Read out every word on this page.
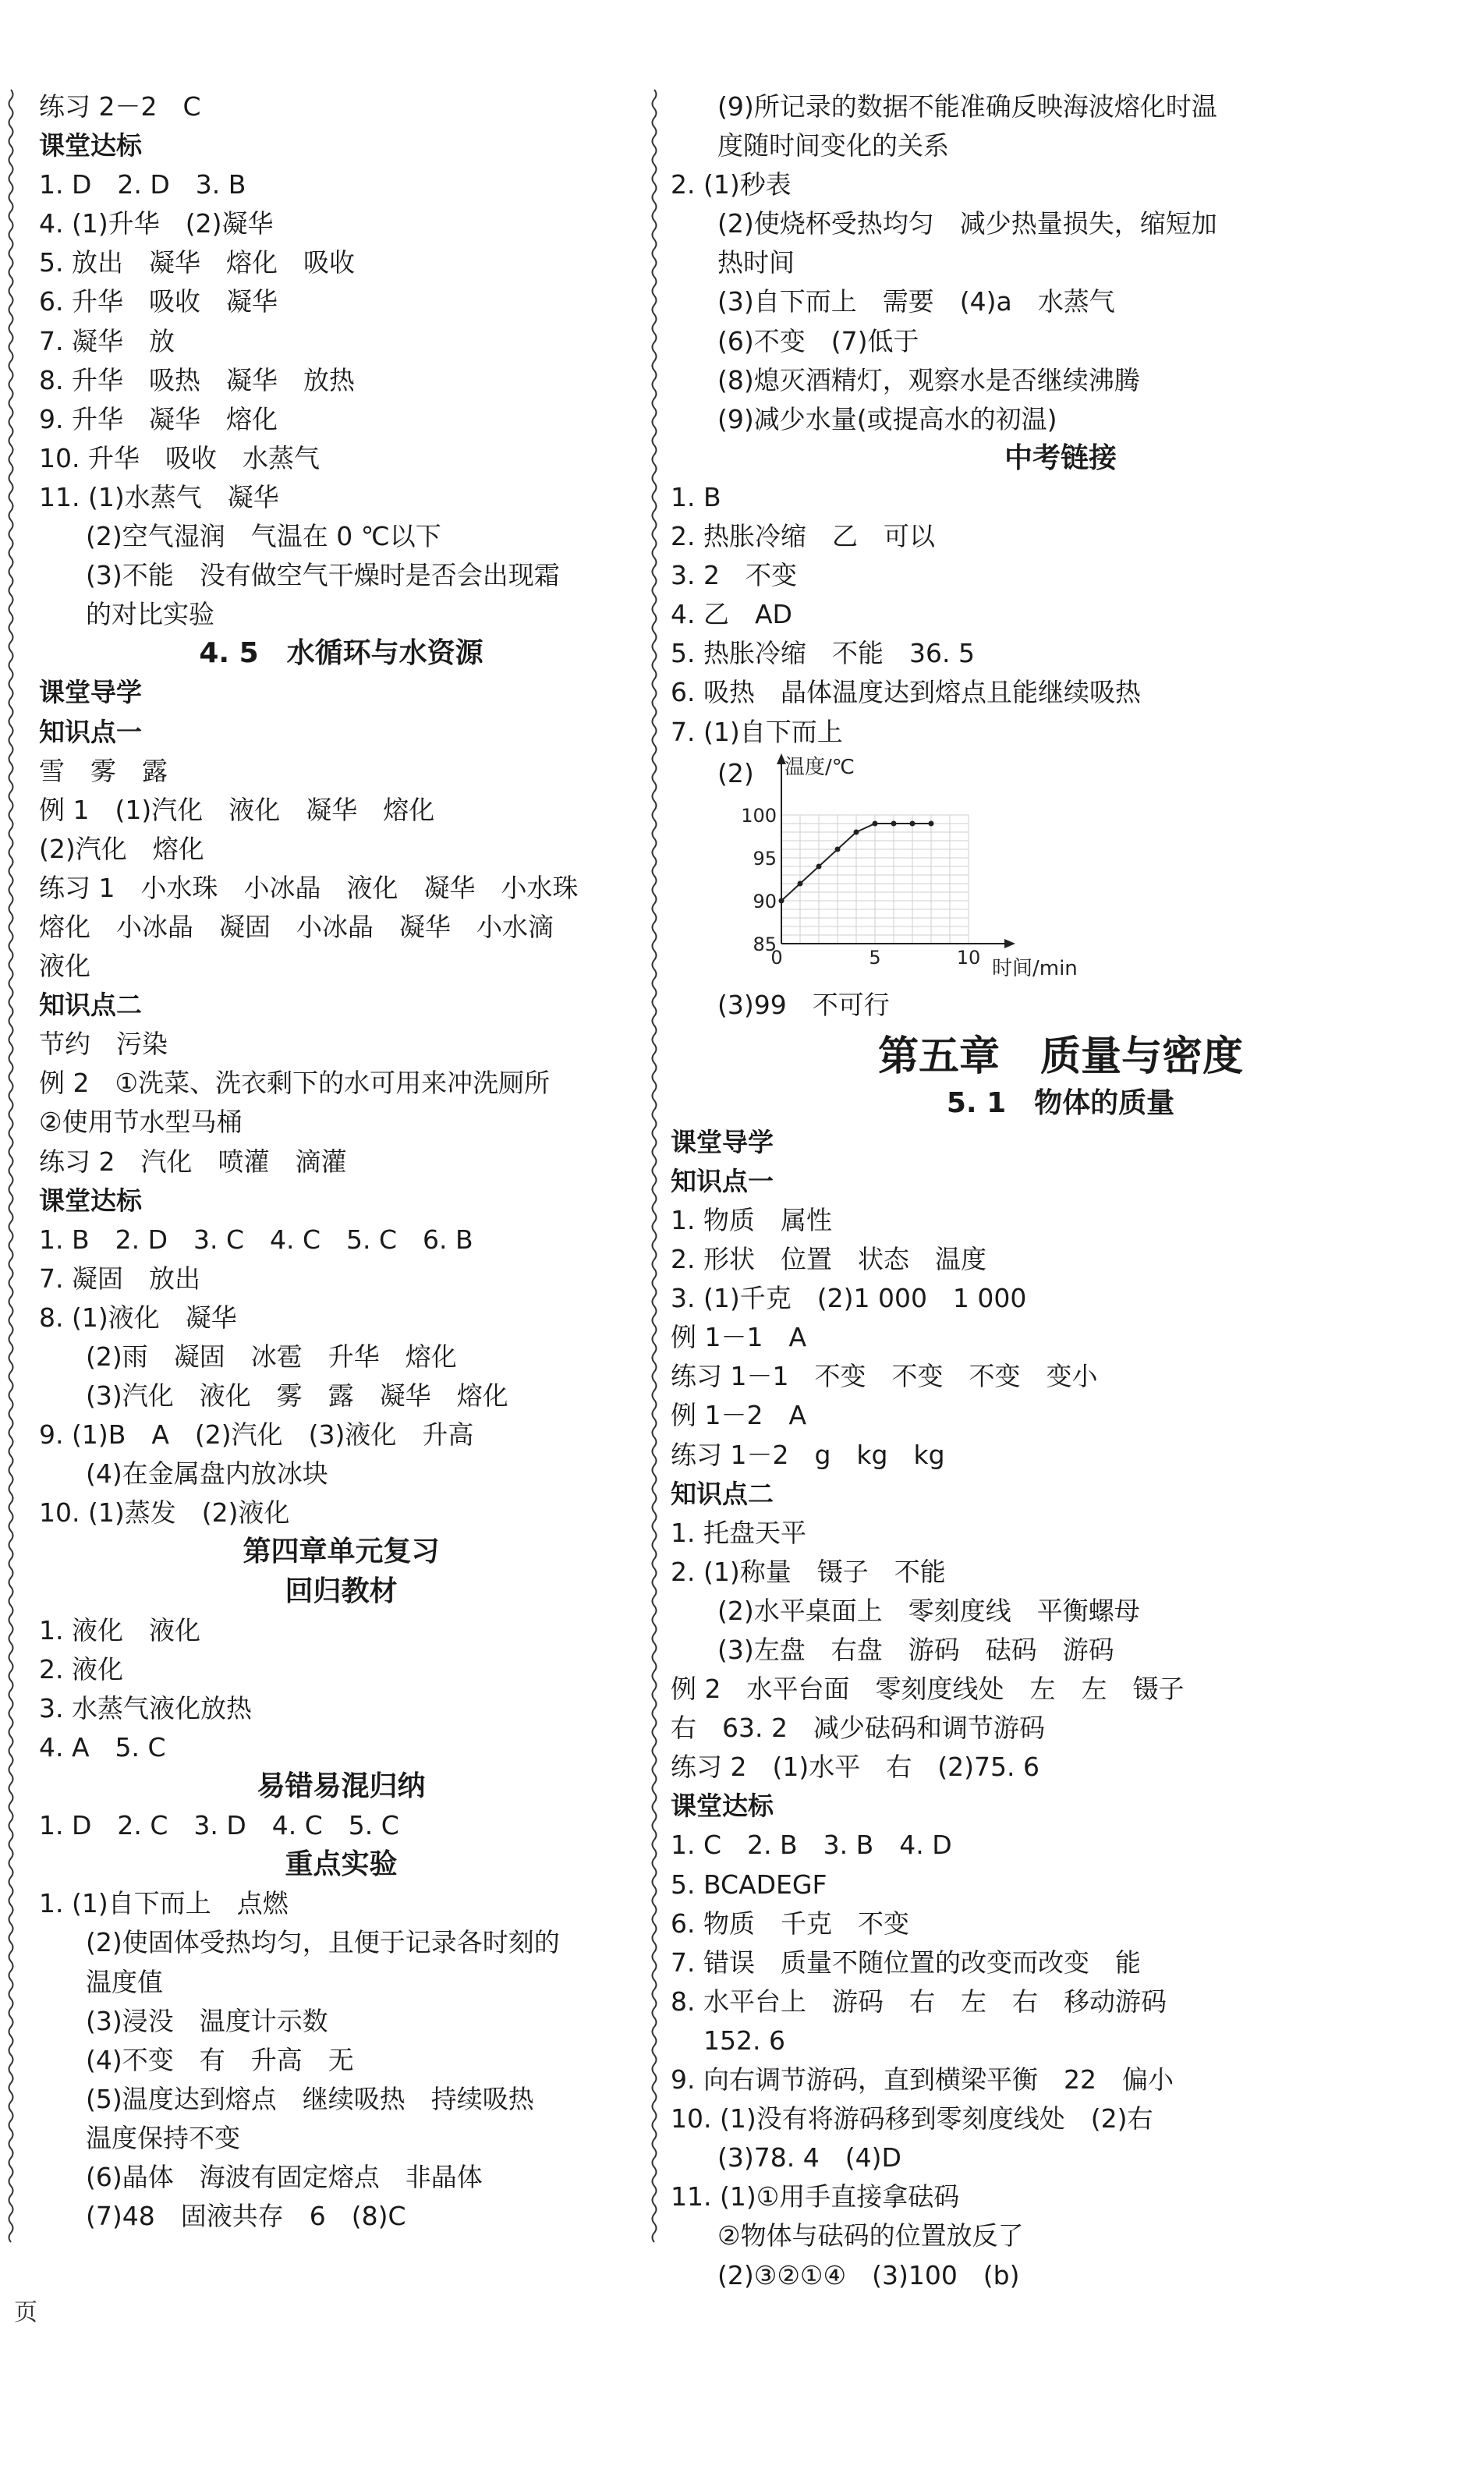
练习 2－2　C
课堂达标
1. D　2. D　3. B
4. (1)升华　(2)凝华
5. 放出　凝华　熔化　吸收
6. 升华　吸收　凝华
7. 凝华　放
8. 升华　吸热　凝华　放热
9. 升华　凝华　熔化
10. 升华　吸收　水蒸气
11. (1)水蒸气　凝华
(2)空气湿润　气温在 0 ℃以下
(3)不能　没有做空气干燥时是否会出现霜
的对比实验
4. 5　水循环与水资源
课堂导学
知识点一
雪　雾　露
例 1　(1)汽化　液化　凝华　熔化
(2)汽化　熔化
练习 1　小水珠　小冰晶　液化　凝华　小水珠
熔化　小冰晶　凝固　小冰晶　凝华　小水滴
液化
知识点二
节约　污染
例 2　①洗菜、洗衣剩下的水可用来冲洗厕所
②使用节水型马桶
练习 2　汽化　喷灌　滴灌
课堂达标
1. B　2. D　3. C　4. C　5. C　6. B
7. 凝固　放出
8. (1)液化　凝华
(2)雨　凝固　冰雹　升华　熔化
(3)汽化　液化　雾　露　凝华　熔化
9. (1)B　A　(2)汽化　(3)液化　升高
(4)在金属盘内放冰块
10. (1)蒸发　(2)液化
第四章单元复习
回归教材
1. 液化　液化
2. 液化
3. 水蒸气液化放热
4. A　5. C
易错易混归纳
1. D　2. C　3. D　4. C　5. C
重点实验
1. (1)自下而上　点燃
(2)使固体受热均匀，且便于记录各时刻的
温度值
(3)浸没　温度计示数
(4)不变　有　升高　无
(5)温度达到熔点　继续吸热　持续吸热
温度保持不变
(6)晶体　海波有固定熔点　非晶体
(7)48　固液共存　6　(8)C
(9)所记录的数据不能准确反映海波熔化时温
度随时间变化的关系
2. (1)秒表
(2)使烧杯受热均匀　减少热量损失，缩短加
热时间
(3)自下而上　需要　(4)a　水蒸气
(6)不变　(7)低于
(8)熄灭酒精灯，观察水是否继续沸腾
(9)减少水量(或提高水的初温)
中考链接
1. B
2. 热胀冷缩　乙　可以
3. 2　不变
4. 乙　AD
5. 热胀冷缩　不能　36. 5
6. 吸热　晶体温度达到熔点且能继续吸热
7. (1)自下而上
(2) 温度/℃
时间/min
100
95
90
85
0	5	10
(3)99　不可行
第五章　质量与密度
5. 1　物体的质量
课堂导学
知识点一
1. 物质　属性
2. 形状　位置　状态　温度
3. (1)千克　(2)1 000　1 000
例 1－1　A
练习 1－1　不变　不变　不变　变小
例 1－2　A
练习 1－2　g　kg　kg
知识点二
1. 托盘天平
2. (1)称量　镊子　不能
(2)水平桌面上　零刻度线　平衡螺母
(3)左盘　右盘　游码　砝码　游码
例 2　水平台面　零刻度线处　左　左　镊子
右　63. 2　减少砝码和调节游码
练习 2　(1)水平　右　(2)75. 6
课堂达标
1. C　2. B　3. B　4. D
5. BCADEGF
6. 物质　千克　不变
7. 错误　质量不随位置的改变而改变　能
8. 水平台上　游码　右　左　右　移动游码
152. 6
9. 向右调节游码，直到横梁平衡　22　偏小
10. (1)没有将游码移到零刻度线处　(2)右
(3)78. 4　(4)D
11. (1)①用手直接拿砝码
②物体与砝码的位置放反了
(2)③②①④　(3)100　(b)
页
